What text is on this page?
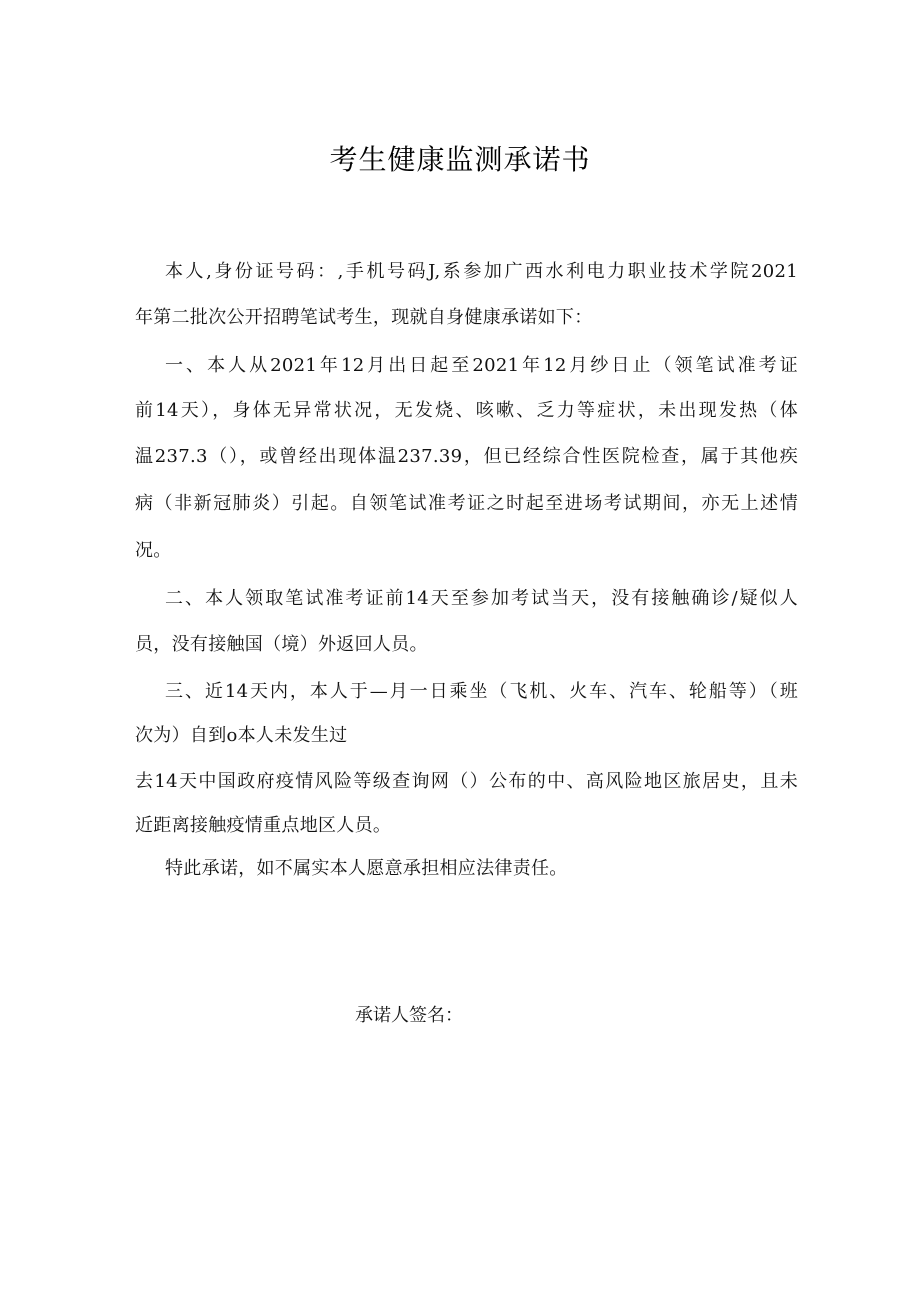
考生健康监测承诺书
本人,身份证号码：,手机号码J,系参加广西水利电力职业技术学院2021
年第二批次公开招聘笔试考生，现就自身健康承诺如下：
一、本人从2021年12月出日起至2021年12月纱日止（领笔试准考证
前14天），身体无异常状况，无发烧、咳嗽、乏力等症状，未出现发热（体
温237.3（），或曾经出现体温237.39，但已经综合性医院检查，属于其他疾
病（非新冠肺炎）引起。自领笔试准考证之时起至进场考试期间，亦无上述情
况。
二、本人领取笔试准考证前14天至参加考试当天，没有接触确诊/疑似人
员，没有接触国（境）外返回人员。
三、近14天内，本人于—月一日乘坐（飞机、火车、汽车、轮船等）（班
次为）自到o本人未发生过
去14天中国政府疫情风险等级查询网（）公布的中、高风险地区旅居史，且未
近距离接触疫情重点地区人员。
特此承诺，如不属实本人愿意承担相应法律责任。
承诺人签名：
